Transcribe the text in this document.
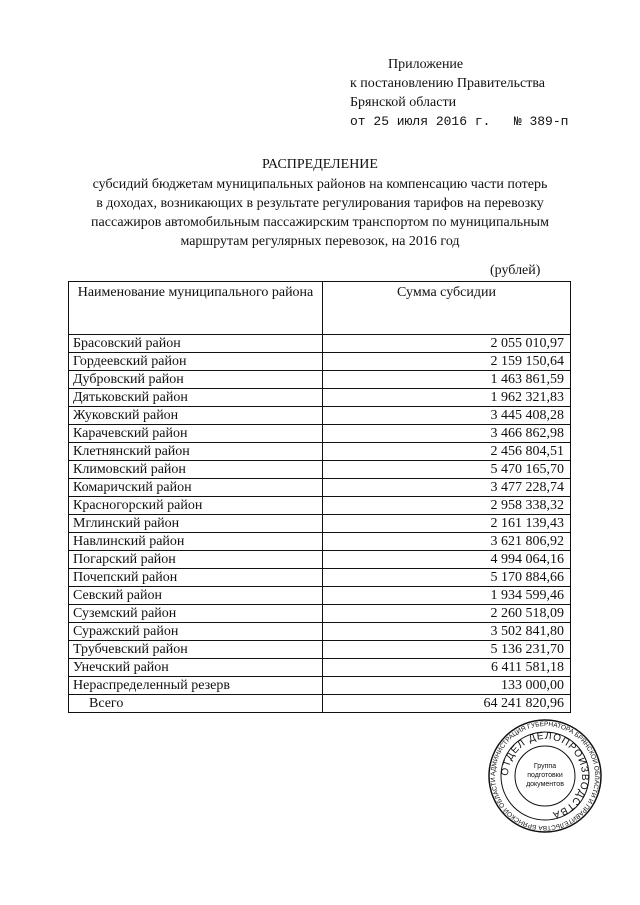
Приложение
к постановлению Правительства
Брянской области
от 25 июля 2016 г. № 389-п
РАСПРЕДЕЛЕНИЕ
субсидий бюджетам муниципальных районов на компенсацию части потерь
в доходах, возникающих в результате регулирования тарифов на перевозку
пассажиров автомобильным пассажирским транспортом по муниципальным
маршрутам регулярных перевозок, на 2016 год
(рублей)
Наименование муниципального района	Сумма субсидии
Брасовский район	2 055 010,97
Гордеевский район	2 159 150,64
Дубровский район	1 463 861,59
Дятьковский район	1 962 321,83
Жуковский район	3 445 408,28
Карачевский район	3 466 862,98
Клетнянский район	2 456 804,51
Климовский район	5 470 165,70
Комаричский район	3 477 228,74
Красногорский район	2 958 338,32
Мглинский район	2 161 139,43
Навлинский район	3 621 806,92
Погарский район	4 994 064,16
Почепский район	5 170 884,66
Севский район	1 934 599,46
Суземский район	2 260 518,09
Суражский район	3 502 841,80
Трубчевский район	5 136 231,70
Унечский район	6 411 581,18
Нераспределенный резерв	133 000,00
Всего	64 241 820,96
АДМИНИСТРАЦИЯ ГУБЕРНАТОРА БРЯНСКОЙ ОБЛАСТИ И ПРАВИТЕЛЬСТВА БРЯНСКОЙ ОБЛАСТИ
ОТДЕЛ ДЕЛОПРОИЗВОДСТВА
Группа
подготовки
документов
